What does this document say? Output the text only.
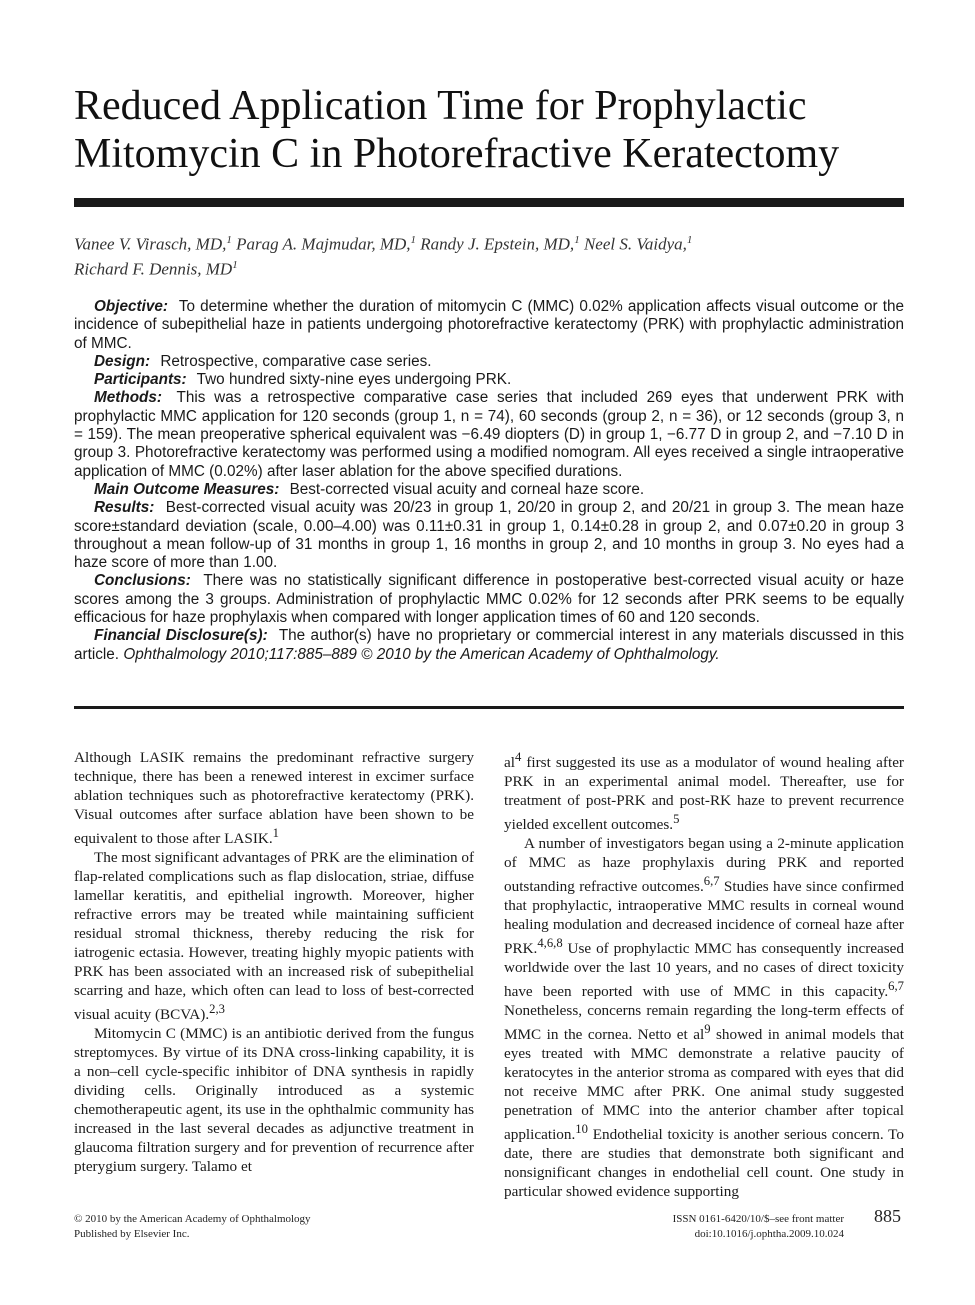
Reduced Application Time for Prophylactic
Mitomycin C in Photorefractive Keratectomy
Vanee V. Virasch, MD,$^1$ Parag A. Majmudar, MD,$^1$ Randy J. Epstein, MD,$^1$ Neel S. Vaidya,$^1$
Richard F. Dennis, $MD^1$

Objective: To determine whether the duration of mitomycin C (MMC) 0.02% application affects visual outcome or the incidence of subepithelial haze in patients undergoing photorefractive keratectomy (PRK) with prophylactic administration of MMC.

Design: Retrospective, comparative case series.

Participants: Two hundred sixty-nine eyes undergoing PRK.

Methods: This was a retrospective comparative case series that included 269 eyes that underwent PRK with prophylactic MMC application for 120 seconds (group 1, n = 74), 60 seconds (group 2, n = 36), or 12 seconds (group 3, n = 159). The mean preoperative spherical equivalent was −6.49 diopters (D) in group 1, −6.77 D in group 2, and −7.10 D in group 3. Photorefractive keratectomy was performed using a modified nomogram. All eyes received a single intraoperative application of MMC (0.02%) after laser ablation for the above specified durations.

Main Outcome Measures: Best-corrected visual acuity and corneal haze score.

Results: Best-corrected visual acuity was 20/23 in group 1, 20/20 in group 2, and 20/21 in group 3. The mean haze score±standard deviation (scale, 0.00–4.00) was 0.11±0.31 in group 1, 0.14±0.28 in group 2, and 0.07±0.20 in group 3 throughout a mean follow-up of 31 months in group 1, 16 months in group 2, and 10 months in group 3. No eyes had a haze score of more than 1.00.

Conclusions: There was no statistically significant difference in postoperative best-corrected visual acuity or haze scores among the 3 groups. Administration of prophylactic MMC 0.02% for 12 seconds after PRK seems to be equally efficacious for haze prophylaxis when compared with longer application times of 60 and 120 seconds.

Financial Disclosure(s): The author(s) have no proprietary or commercial interest in any materials discussed in this article. Ophthalmology 2010;117:885–889 © 2010 by the American Academy of Ophthalmology.

Although LASIK remains the predominant refractive surgery technique, there has been a renewed interest in excimer surface ablation techniques such as photorefractive keratectomy (PRK). Visual outcomes after surface ablation have been shown to be equivalent to those after LASIK.$^1$

The most significant advantages of PRK are the elimination of flap-related complications such as flap dislocation, striae, diffuse lamellar keratitis, and epithelial ingrowth. Moreover, higher refractive errors may be treated while maintaining sufficient residual stromal thickness, thereby reducing the risk for iatrogenic ectasia. However, treating highly myopic patients with PRK has been associated with an increased risk of subepithelial scarring and haze, which often can lead to loss of best-corrected visual acuity (BCVA).$^{2,3}$

Mitomycin C (MMC) is an antibiotic derived from the fungus streptomyces. By virtue of its DNA cross-linking capability, it is a non–cell cycle-specific inhibitor of DNA synthesis in rapidly dividing cells. Originally introduced as a systemic chemotherapeutic agent, its use in the ophthalmic community has increased in the last several decades as adjunctive treatment in glaucoma filtration surgery and for prevention of recurrence after pterygium surgery. Talamo et

$al^4$ first suggested its use as a modulator of wound healing after PRK in an experimental animal model. Thereafter, use for treatment of post-PRK and post-RK haze to prevent recurrence yielded excellent outcomes.$^5$

A number of investigators began using a 2-minute application of MMC as haze prophylaxis during PRK and reported outstanding refractive outcomes.$^{6,7}$ Studies have since confirmed that prophylactic, intraoperative MMC results in corneal wound healing modulation and decreased incidence of corneal haze after PRK.$^{4,6,8}$ Use of prophylactic MMC has consequently increased worldwide over the last 10 years, and no cases of direct toxicity have been reported with use of MMC in this capacity.$^{6,7}$ Nonetheless, concerns remain regarding the long-term effects of MMC in the cornea. Netto et $al^9$ showed in animal models that eyes treated with MMC demonstrate a relative paucity of keratocytes in the anterior stroma as compared with eyes that did not receive MMC after PRK. One animal study suggested penetration of MMC into the anterior chamber after topical application.$^{10}$ Endothelial toxicity is another serious concern. To date, there are studies that demonstrate both significant and nonsignificant changes in endothelial cell count. One study in particular showed evidence supporting

© 2010 by the American Academy of Ophthalmology
Published by Elsevier Inc.
ISSN 0161-6420/10/$–see front matter
doi:10.1016/j.ophtha.2009.10.024
885
